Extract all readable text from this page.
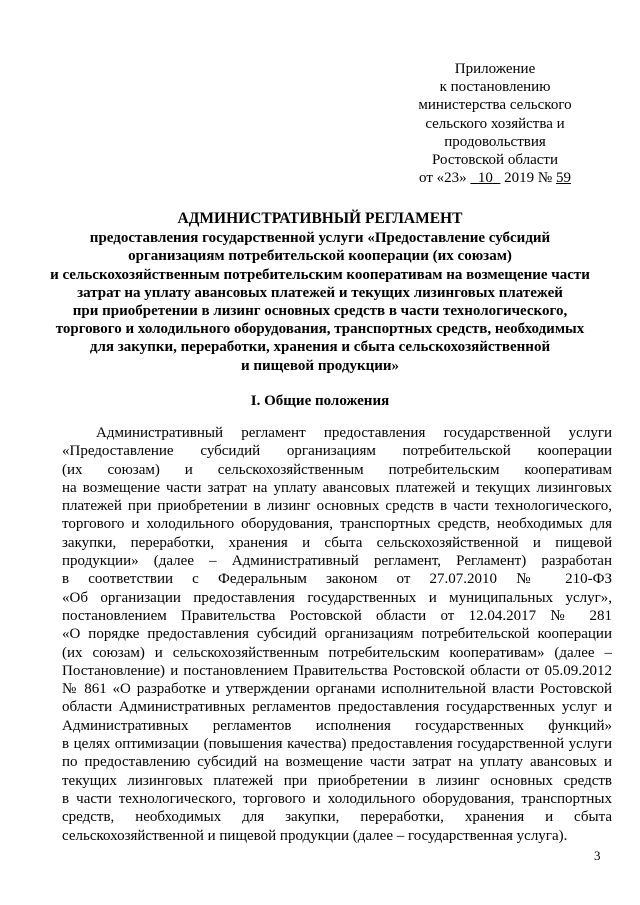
Приложение
к постановлению
министерства сельского
сельского хозяйства и
продовольствия
Ростовской области
от «23» 10 2019 № 59
АДМИНИСТРАТИВНЫЙ РЕГЛАМЕНТ
предоставления государственной услуги «Предоставление субсидий
организациям потребительской кооперации (их союзам)
и сельскохозяйственным потребительским кооперативам на возмещение части
затрат на уплату авансовых платежей и текущих лизинговых платежей
при приобретении в лизинг основных средств в части технологического,
торгового и холодильного оборудования, транспортных средств, необходимых
для закупки, переработки, хранения и сбыта сельскохозяйственной
и пищевой продукции»
I. Общие положения
Административный регламент предоставления государственной услуги
«Предоставление субсидий организациям потребительской кооперации
(их союзам) и сельскохозяйственным потребительским кооперативам
на возмещение части затрат на уплату авансовых платежей и текущих лизинговых
платежей при приобретении в лизинг основных средств в части технологического,
торгового и холодильного оборудования, транспортных средств, необходимых для
закупки, переработки, хранения и сбыта сельскохозяйственной и пищевой
продукции» (далее – Административный регламент, Регламент) разработан
в соответствии с Федеральным законом от 27.07.2010 № 210-ФЗ
«Об организации предоставления государственных и муниципальных услуг»,
постановлением Правительства Ростовской области от 12.04.2017 № 281
«О порядке предоставления субсидий организациям потребительской кооперации
(их союзам) и сельскохозяйственным потребительским кооперативам» (далее –
Постановление) и постановлением Правительства Ростовской области от 05.09.2012
№ 861 «О разработке и утверждении органами исполнительной власти Ростовской
области Административных регламентов предоставления государственных услуг и
Административных регламентов исполнения государственных функций»
в целях оптимизации (повышения качества) предоставления государственной услуги
по предоставлению субсидий на возмещение части затрат на уплату авансовых и
текущих лизинговых платежей при приобретении в лизинг основных средств
в части технологического, торгового и холодильного оборудования, транспортных
средств, необходимых для закупки, переработки, хранения и сбыта
сельскохозяйственной и пищевой продукции (далее – государственная услуга).
3
